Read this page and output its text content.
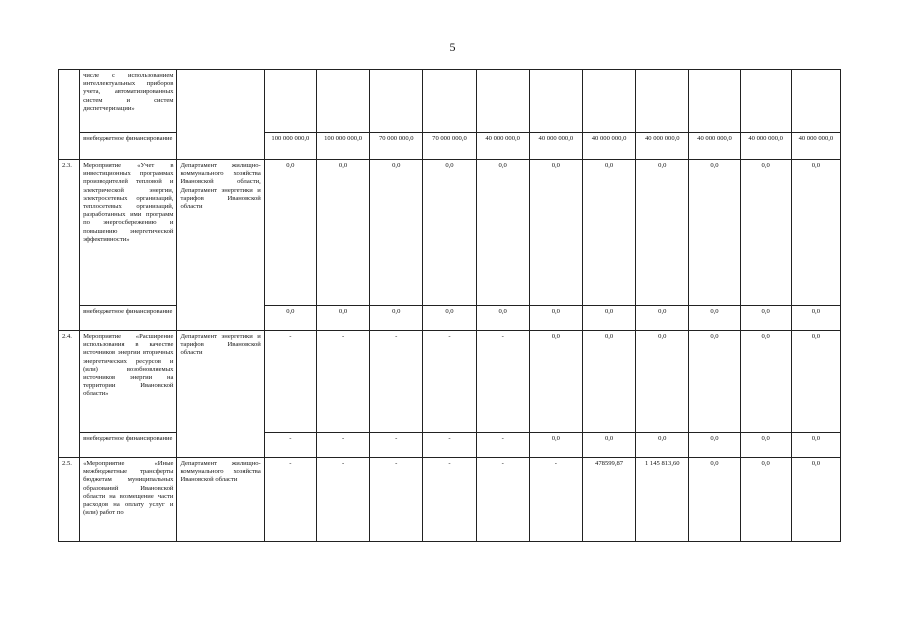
5
	числе с использованием интеллектуальных приборов учета, автоматизированных систем и систем диспетчеризации»												
	внебюджетное финансирование		100 000 000,0	100 000 000,0	70 000 000,0	70 000 000,0	40 000 000,0	40 000 000,0	40 000 000,0	40 000 000,0	40 000 000,0	40 000 000,0	40 000 000,0
2.3.	Мероприятие «Учет в инвестиционных программах производителей тепловой и электрической энергии, электросетевых организаций, теплосетевых организаций, разработанных ими программ по энергосбережению и повышению энергетической эффективности»	Департамент жилищно-коммунального хозяйства Ивановской области, Департамент энергетики и тарифов Ивановской области	0,0	0,0	0,0	0,0	0,0	0,0	0,0	0,0	0,0	0,0	0,0
	внебюджетное финансирование		0,0	0,0	0,0	0,0	0,0	0,0	0,0	0,0	0,0	0,0	0,0
2.4.	Мероприятие «Расширение использования в качестве источников энергии вторичных энергетических ресурсов и (или) возобновляемых источников энергии на территории Ивановской области»	Департамент энергетики и тарифов Ивановской области	-	-	-	-	-	0,0	0,0	0,0	0,0	0,0	0,0
	внебюджетное финансирование		-	-	-	-	-	0,0	0,0	0,0	0,0	0,0	0,0
2.5.	«Мероприятие «Иные межбюджетные трансферты бюджетам муниципальных образований Ивановской области на возмещение части расходов на оплату услуг и (или) работ по	Департамент жилищно-коммунального хозяйства Ивановской области	-	-	-	-	-	-	478599,87	1 145 813,60	0,0	0,0	0,0
